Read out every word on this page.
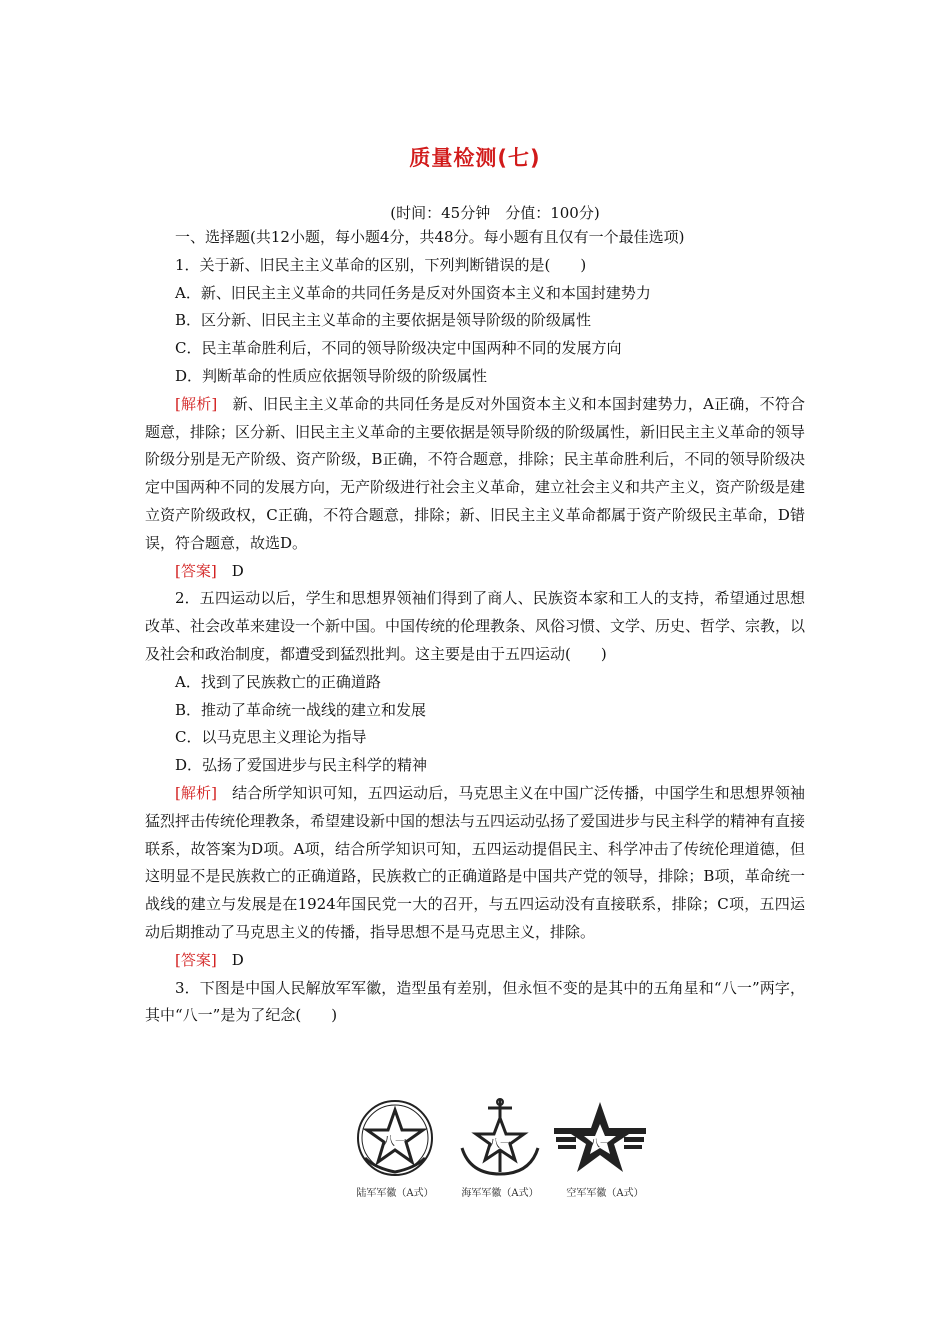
质量检测(七)
(时间：45分钟　分值：100分)

一、选择题(共12小题，每小题4分，共48分。每小题有且仅有一个最佳选项)

1．关于新、旧民主主义革命的区别，下列判断错误的是(　　)

A．新、旧民主主义革命的共同任务是反对外国资本主义和本国封建势力

B．区分新、旧民主主义革命的主要依据是领导阶级的阶级属性

C．民主革命胜利后，不同的领导阶级决定中国两种不同的发展方向

D．判断革命的性质应依据领导阶级的阶级属性

[解析]　新、旧民主主义革命的共同任务是反对外国资本主义和本国封建势力，A正确，不符合题意，排除；区分新、旧民主主义革命的主要依据是领导阶级的阶级属性，新旧民主主义革命的领导阶级分别是无产阶级、资产阶级，B正确，不符合题意，排除；民主革命胜利后，不同的领导阶级决定中国两种不同的发展方向，无产阶级进行社会主义革命，建立社会主义和共产主义，资产阶级是建立资产阶级政权，C正确，不符合题意，排除；新、旧民主主义革命都属于资产阶级民主革命，D错误，符合题意，故选D。

[答案]　D

2．五四运动以后，学生和思想界领袖们得到了商人、民族资本家和工人的支持，希望通过思想改革、社会改革来建设一个新中国。中国传统的伦理教条、风俗习惯、文学、历史、哲学、宗教，以及社会和政治制度，都遭受到猛烈批判。这主要是由于五四运动(　　)

A．找到了民族救亡的正确道路

B．推动了革命统一战线的建立和发展

C．以马克思主义理论为指导

D．弘扬了爱国进步与民主科学的精神

[解析]　结合所学知识可知，五四运动后，马克思主义在中国广泛传播，中国学生和思想界领袖猛烈抨击传统伦理教条，希望建设新中国的想法与五四运动弘扬了爱国进步与民主科学的精神有直接联系，故答案为D项。A项，结合所学知识可知，五四运动提倡民主、科学冲击了传统伦理道德，但这明显不是民族救亡的正确道路，民族救亡的正确道路是中国共产党的领导，排除；B项，革命统一战线的建立与发展是在1924年国民党一大的召开，与五四运动没有直接联系，排除；C项，五四运动后期推动了马克思主义的传播，指导思想不是马克思主义，排除。

[答案]　D

3．下图是中国人民解放军军徽，造型虽有差别，但永恒不变的是其中的五角星和“八一”两字，其中“八一”是为了纪念(　　)

八一	八一	八一
陆军军徽（A式）	海军军徽（A式）	空军军徽（A式）
